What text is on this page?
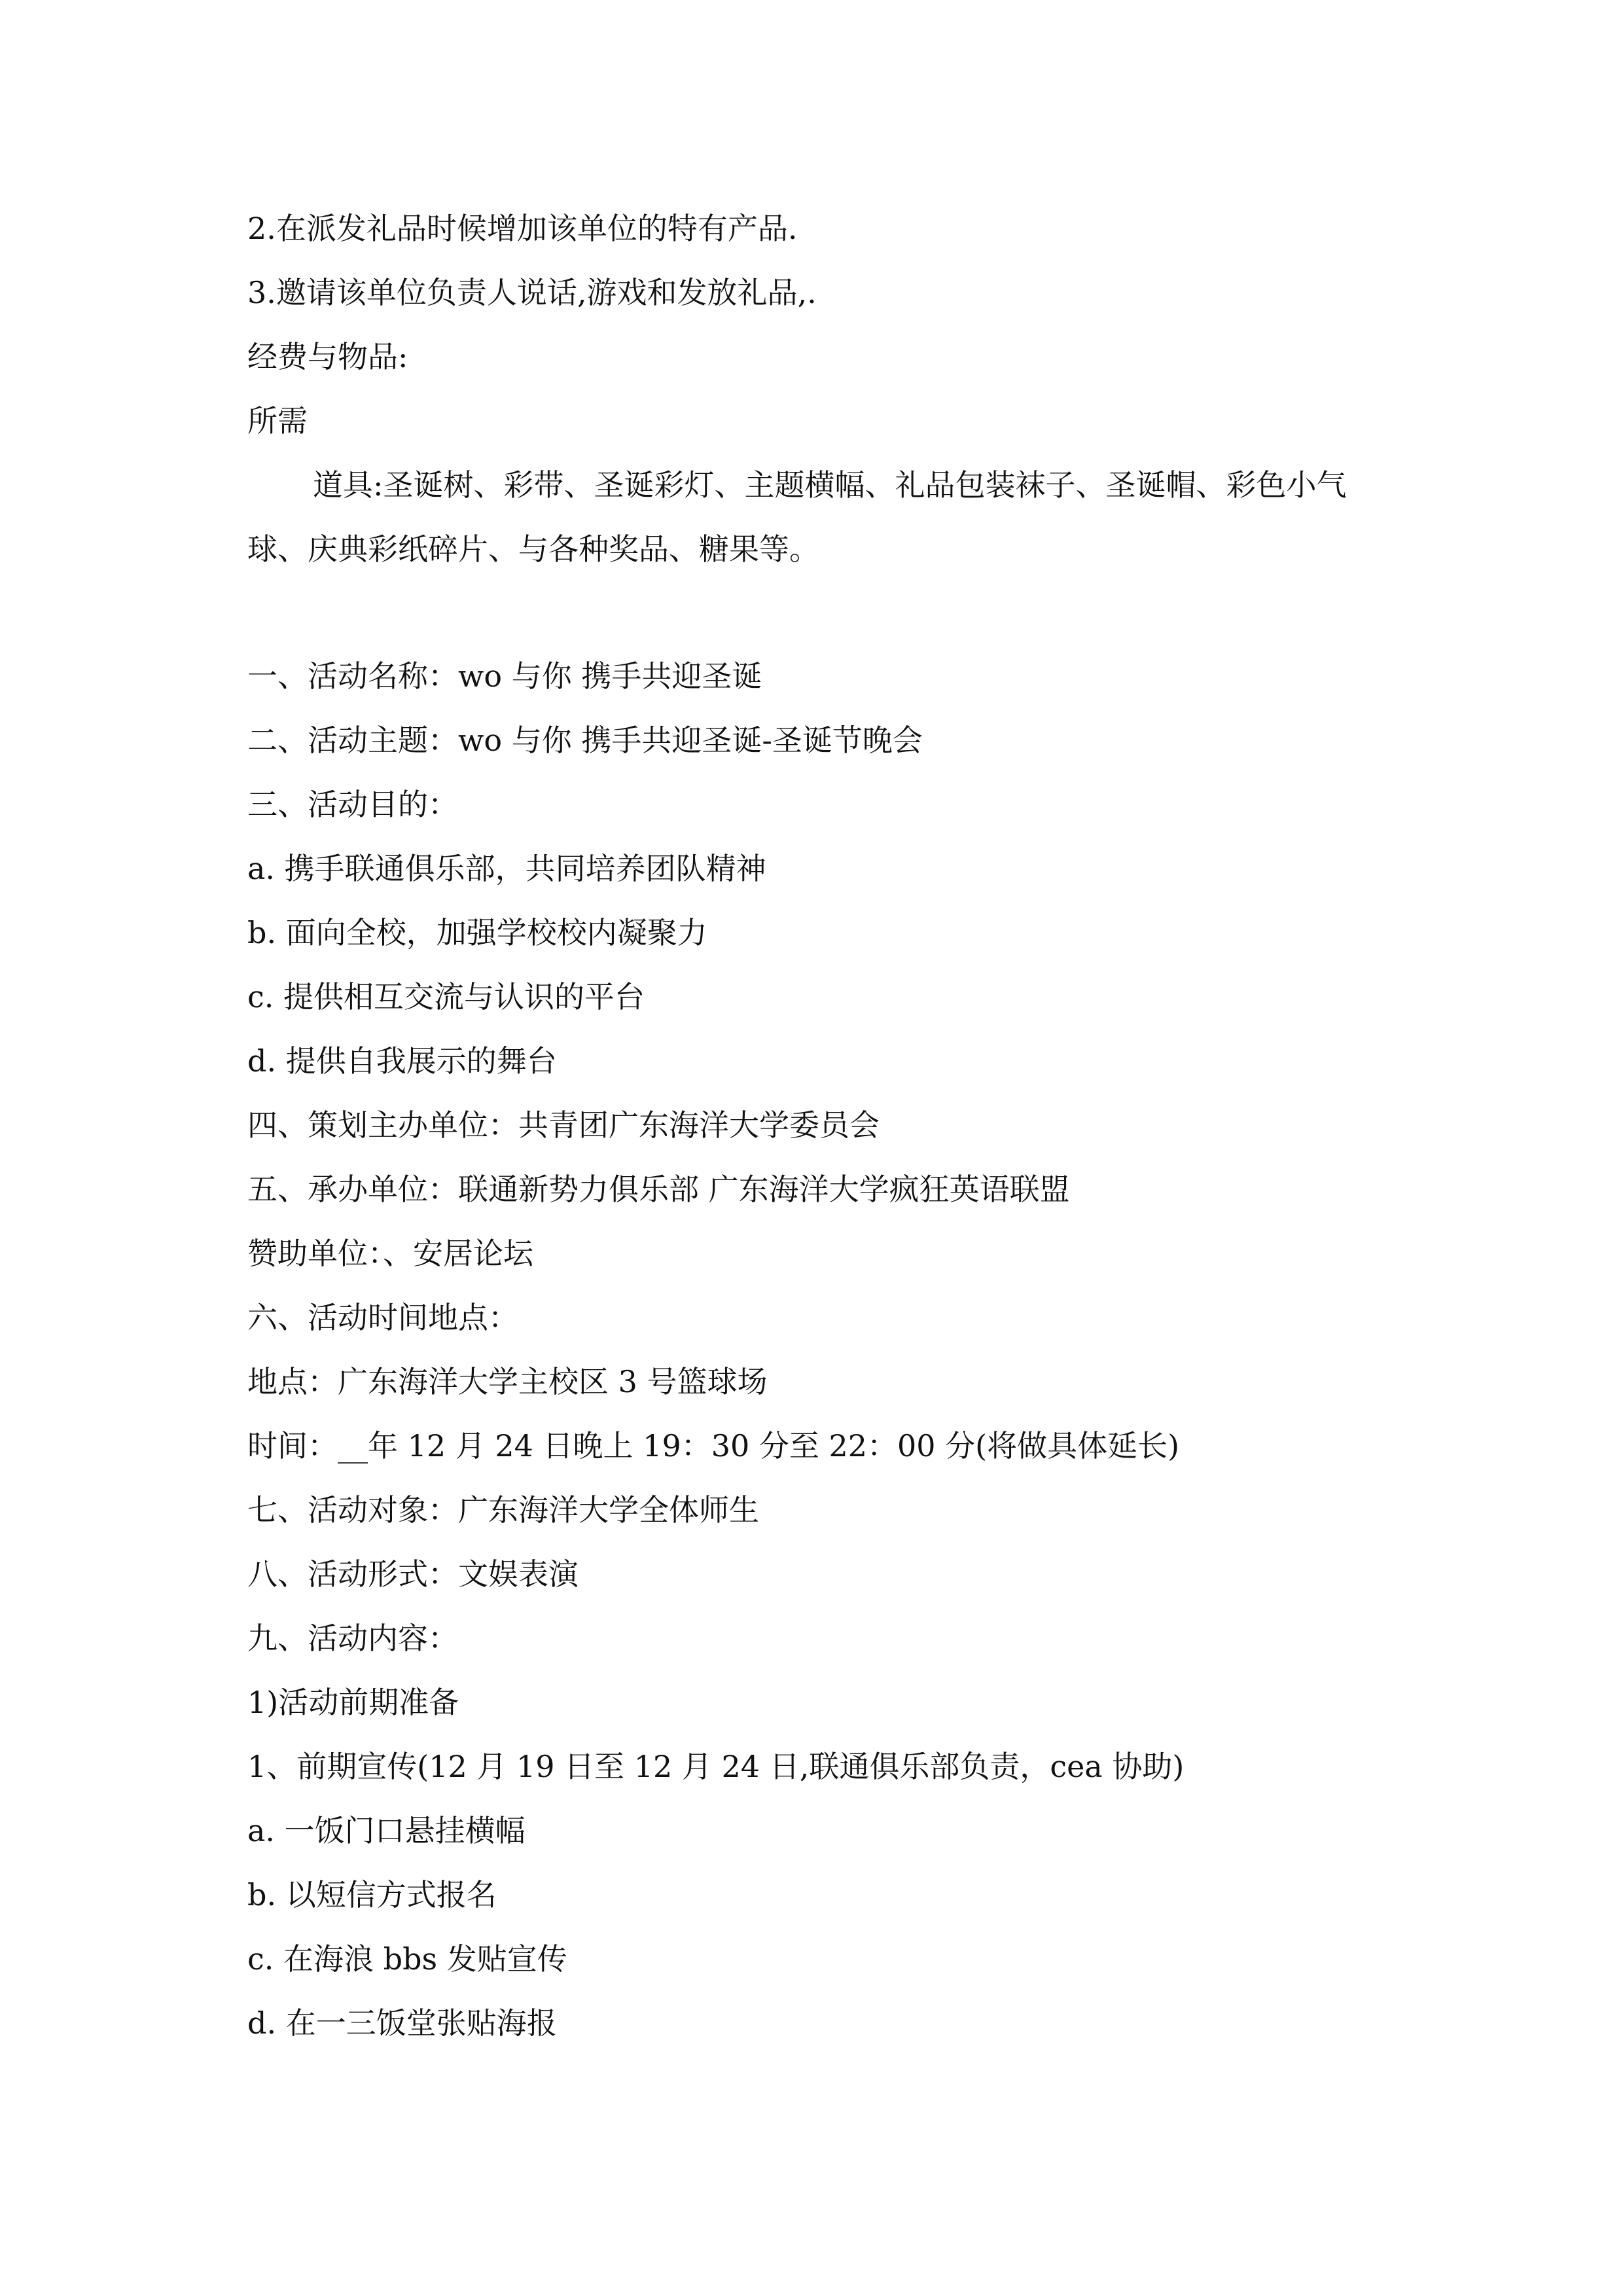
2.在派发礼品时候增加该单位的特有产品.

3.邀请该单位负责人说话,游戏和发放礼品,.

经费与物品:

所需

道具:圣诞树、彩带、圣诞彩灯、主题横幅、礼品包装袜子、圣诞帽、彩色小气球、庆典彩纸碎片、与各种奖品、糖果等。

一、活动名称：wo 与你 携手共迎圣诞

二、活动主题：wo 与你 携手共迎圣诞-圣诞节晚会

三、活动目的：

a. 携手联通俱乐部，共同培养团队精神

b. 面向全校，加强学校校内凝聚力

c. 提供相互交流与认识的平台

d. 提供自我展示的舞台

四、策划主办单位：共青团广东海洋大学委员会

五、承办单位：联通新势力俱乐部 广东海洋大学疯狂英语联盟

赞助单位：、安居论坛

六、活动时间地点：

地点：广东海洋大学主校区 3 号篮球场

时间：__年 12 月 24 日晚上 19：30 分至 22：00 分(将做具体延长)

七、活动对象：广东海洋大学全体师生

八、活动形式：文娱表演

九、活动内容：

1)活动前期准备

1、前期宣传(12 月 19 日至 12 月 24 日,联通俱乐部负责，cea 协助)

a. 一饭门口悬挂横幅

b. 以短信方式报名

c. 在海浪 bbs 发贴宣传

d. 在一三饭堂张贴海报
